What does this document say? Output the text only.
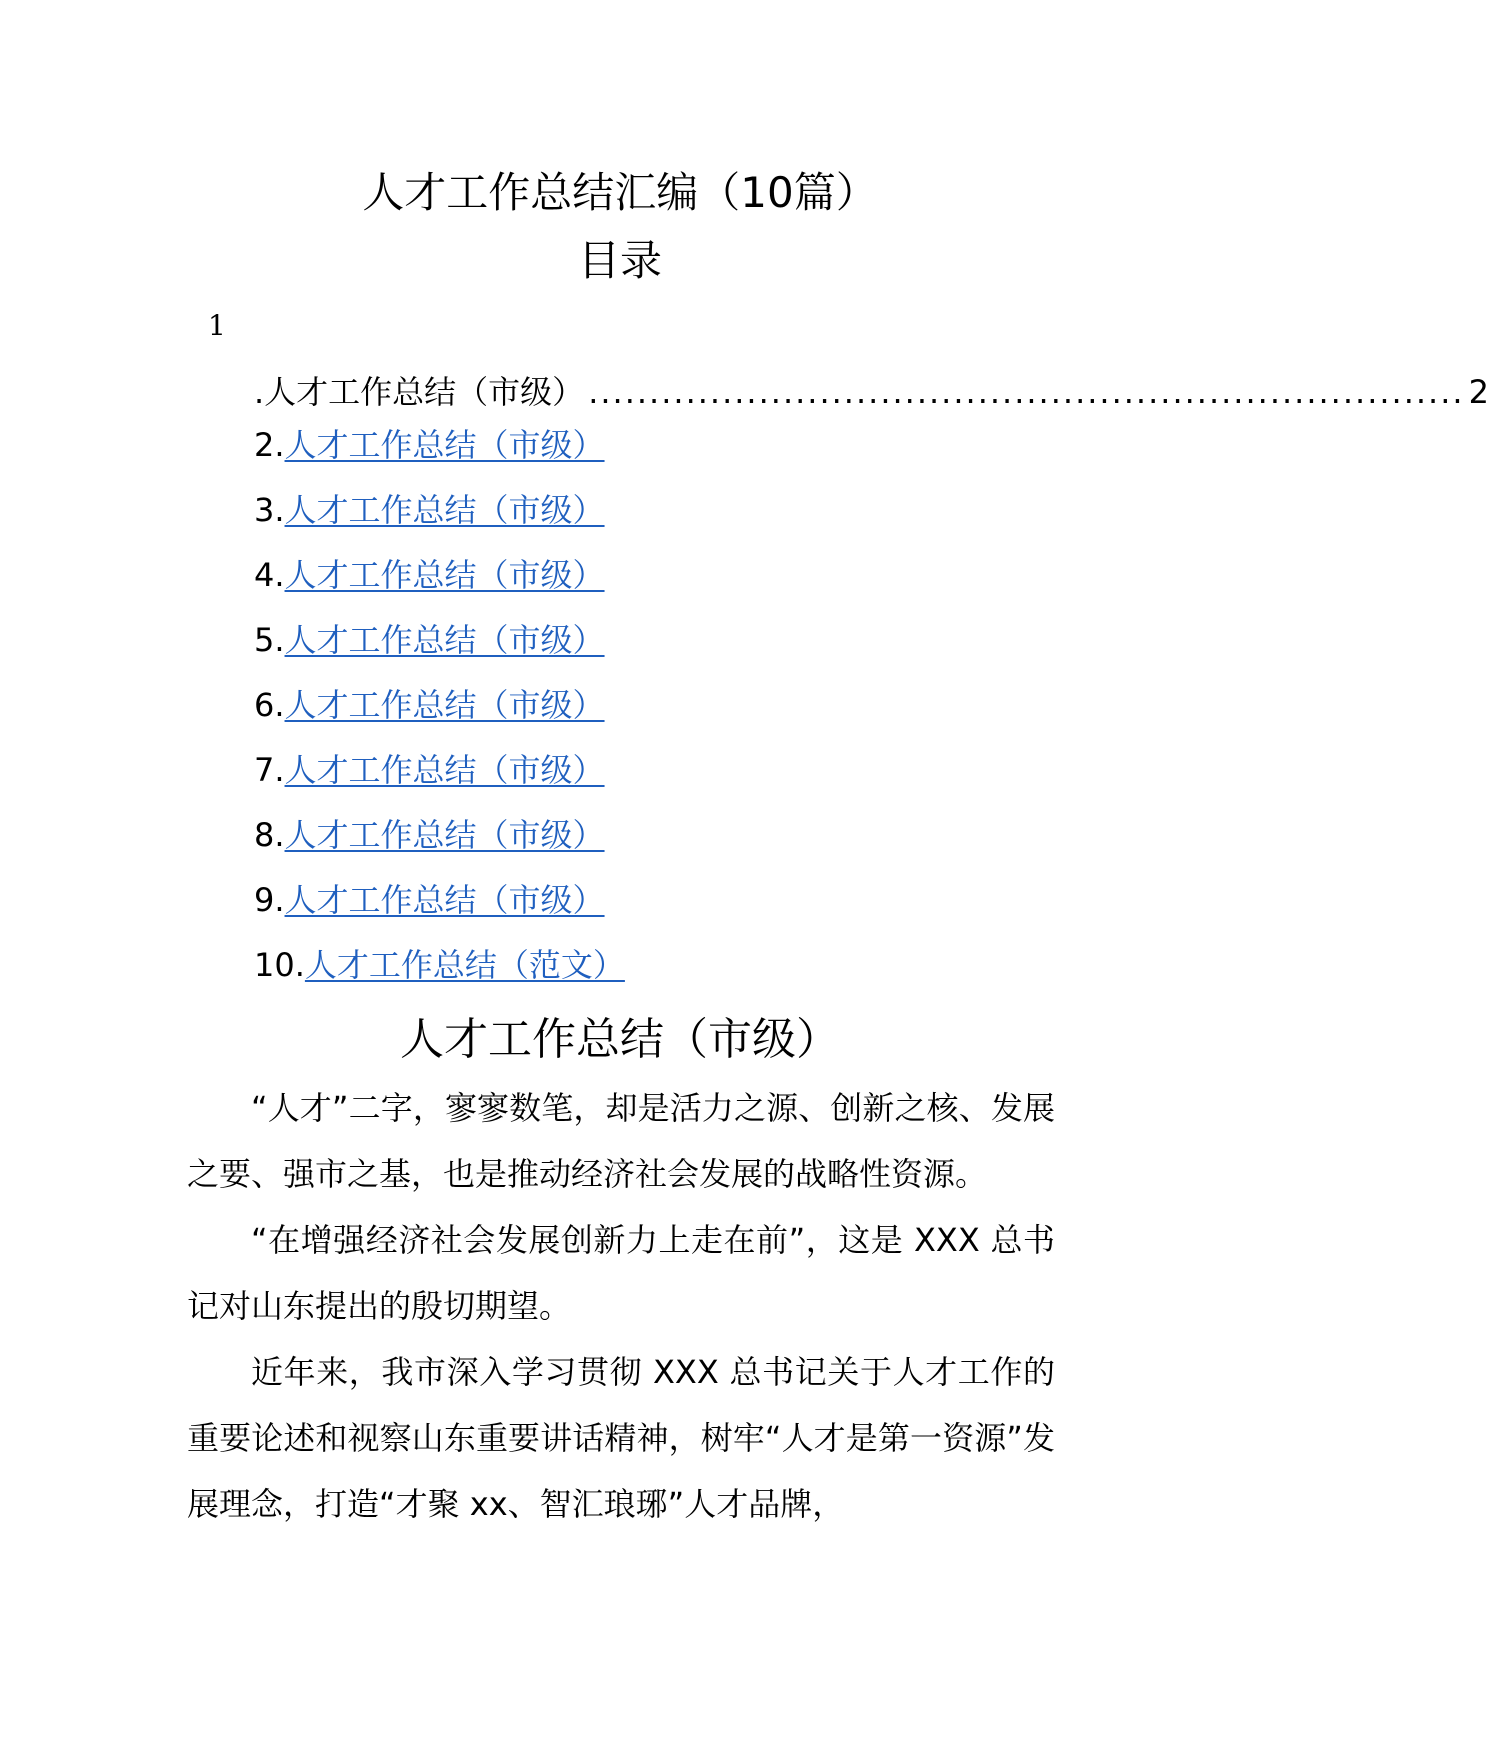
人才工作总结汇编（10篇）
目录
1
.人才工作总结（市级） ........................................................................ 2
2.人才工作总结（市级）
3.人才工作总结（市级）
4.人才工作总结（市级）
5.人才工作总结（市级）
6.人才工作总结（市级）
7.人才工作总结（市级）
8.人才工作总结（市级）
9.人才工作总结（市级）
10.人才工作总结（范文）
人才工作总结（市级）

“人才”二字，寥寥数笔，却是活力之源、创新之核、发展之要、强市之基，也是推动经济社会发展的战略性资源。

“在增强经济社会发展创新力上走在前”，这是 XXX 总书记对山东提出的殷切期望。

近年来，我市深入学习贯彻 XXX 总书记关于人才工作的重要论述和视察山东重要讲话精神，树牢“人才是第一资源”发展理念，打造“才聚 xx、智汇琅琊”人才品牌，
